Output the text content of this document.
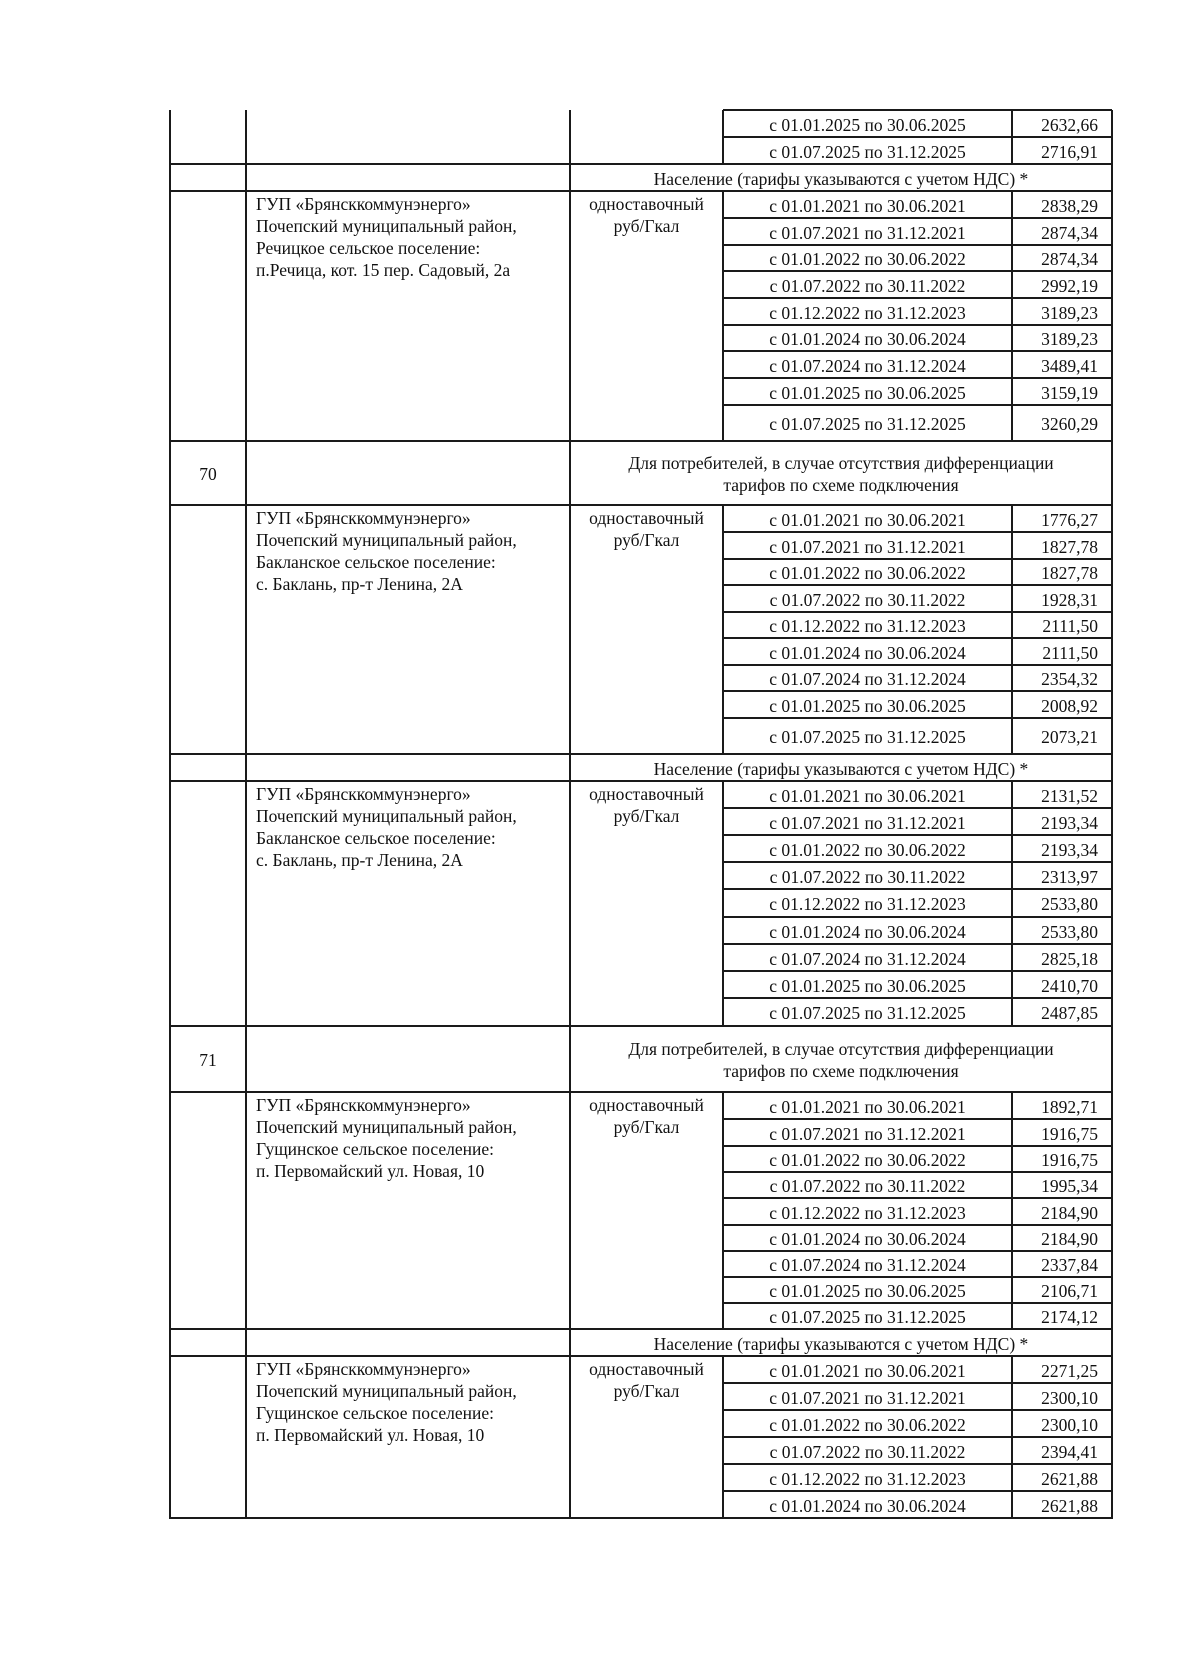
с 01.01.2025 по 30.06.2025	2632,66
с 01.07.2025 по 31.12.2025	2716,91
Население (тарифы указываются с учетом НДС) *
ГУП «Брянсккоммунэнерго»
Почепский муниципальный район,
Речицкое сельское поселение:
п.Речица, кот. 15 пер. Садовый, 2а
одноставочный
руб/Гкал
с 01.01.2021 по 30.06.2021	2838,29
с 01.07.2021 по 31.12.2021	2874,34
с 01.01.2022 по 30.06.2022	2874,34
с 01.07.2022 по 30.11.2022	2992,19
с 01.12.2022 по 31.12.2023	3189,23
с 01.01.2024 по 30.06.2024	3189,23
с 01.07.2024 по 31.12.2024	3489,41
с 01.01.2025 по 30.06.2025	3159,19
с 01.07.2025 по 31.12.2025	3260,29
Для потребителей, в случае отсутствия дифференциации
тарифов по схеме подключения
70
ГУП «Брянсккоммунэнерго»
Почепский муниципальный район,
Бакланское сельское поселение:
с. Баклань, пр-т Ленина, 2А
одноставочный
руб/Гкал
с 01.01.2021 по 30.06.2021	1776,27
с 01.07.2021 по 31.12.2021	1827,78
с 01.01.2022 по 30.06.2022	1827,78
с 01.07.2022 по 30.11.2022	1928,31
с 01.12.2022 по 31.12.2023	2111,50
с 01.01.2024 по 30.06.2024	2111,50
с 01.07.2024 по 31.12.2024	2354,32
с 01.01.2025 по 30.06.2025	2008,92
с 01.07.2025 по 31.12.2025	2073,21
Население (тарифы указываются с учетом НДС) *
ГУП «Брянсккоммунэнерго»
Почепский муниципальный район,
Бакланское сельское поселение:
с. Баклань, пр-т Ленина, 2А
одноставочный
руб/Гкал
с 01.01.2021 по 30.06.2021	2131,52
с 01.07.2021 по 31.12.2021	2193,34
с 01.01.2022 по 30.06.2022	2193,34
с 01.07.2022 по 30.11.2022	2313,97
с 01.12.2022 по 31.12.2023	2533,80
с 01.01.2024 по 30.06.2024	2533,80
с 01.07.2024 по 31.12.2024	2825,18
с 01.01.2025 по 30.06.2025	2410,70
с 01.07.2025 по 31.12.2025	2487,85
Для потребителей, в случае отсутствия дифференциации
тарифов по схеме подключения
71
ГУП «Брянсккоммунэнерго»
Почепский муниципальный район,
Гущинское сельское поселение:
п. Первомайский ул. Новая, 10
одноставочный
руб/Гкал
с 01.01.2021 по 30.06.2021	1892,71
с 01.07.2021 по 31.12.2021	1916,75
с 01.01.2022 по 30.06.2022	1916,75
с 01.07.2022 по 30.11.2022	1995,34
с 01.12.2022 по 31.12.2023	2184,90
с 01.01.2024 по 30.06.2024	2184,90
с 01.07.2024 по 31.12.2024	2337,84
с 01.01.2025 по 30.06.2025	2106,71
с 01.07.2025 по 31.12.2025	2174,12
Население (тарифы указываются с учетом НДС) *
ГУП «Брянсккоммунэнерго»
Почепский муниципальный район,
Гущинское сельское поселение:
п. Первомайский ул. Новая, 10
одноставочный
руб/Гкал
с 01.01.2021 по 30.06.2021	2271,25
с 01.07.2021 по 31.12.2021	2300,10
с 01.01.2022 по 30.06.2022	2300,10
с 01.07.2022 по 30.11.2022	2394,41
с 01.12.2022 по 31.12.2023	2621,88
с 01.01.2024 по 30.06.2024	2621,88
